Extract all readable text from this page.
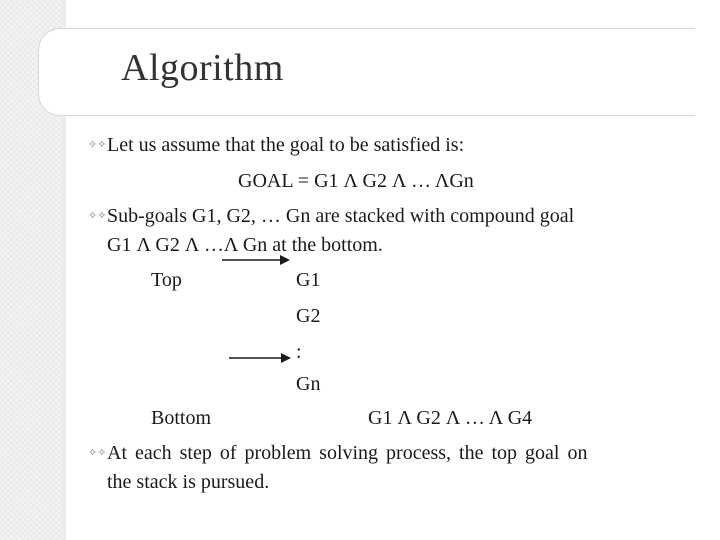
Algorithm
✧✧ Let us assume that the goal to be satisfied is:
GOAL = G1 Λ G2 Λ … ΛGn
✧✧ Sub-goals G1, G2, … Gn are stacked with compound goal
G1 Λ G2 Λ …Λ Gn at the bottom.
Top	G1
G2
:
Gn
Bottom	G1 Λ G2 Λ … Λ G4
✧✧ At each step of problem solving process, the top goal on
the stack is pursued.
